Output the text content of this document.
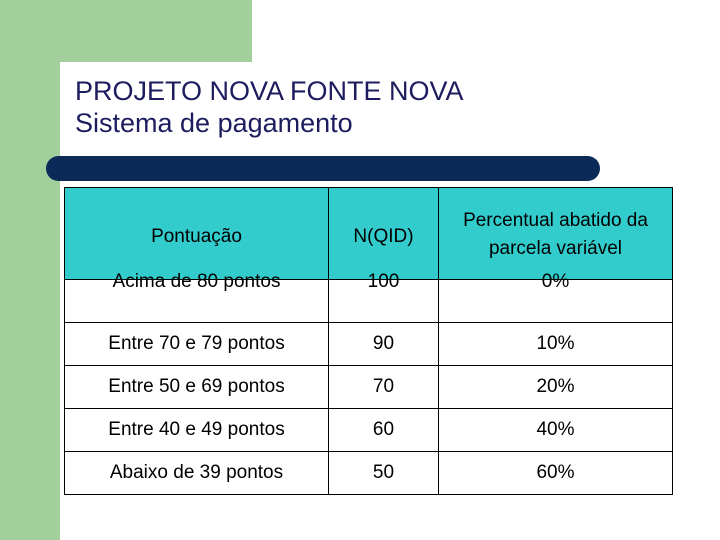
PROJETO NOVA FONTE NOVA
Sistema de pagamento
Pontuação	N(QID)	Percentual abatido da parcela variável

Acima de 80 pontos	100	0%

Entre 70 e 79 pontos	90	10%
Entre 50 e 69 pontos	70	20%
Entre 40 e 49 pontos	60	40%
Abaixo de 39 pontos	50	60%
